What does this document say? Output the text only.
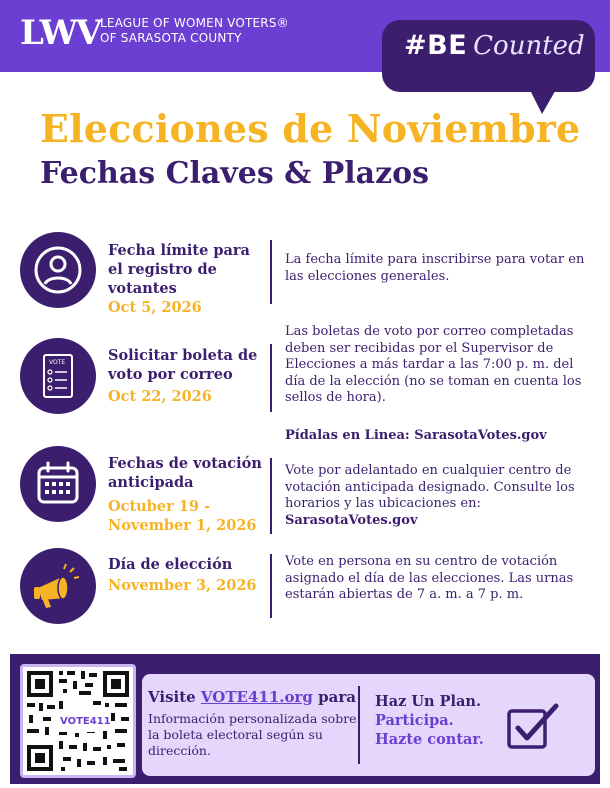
LWV LEAGUE OF WOMEN VOTERS®
OF SARASOTA COUNTY	#BE Counted
Elecciones de Noviembre
Fechas Claves & Plazos
Fecha límite para el registro de votantes
Oct 5, 2026
La fecha límite para inscribirse para votar en las elecciones generales.
VOTE	Solicitar boleta de voto por correo
Oct 22, 2026
Las boletas de voto por correo completadas deben ser recibidas por el Supervisor de Elecciones a más tardar a las 7:00 p. m. del día de la elección (no se toman en cuenta los sellos de hora).
Pídalas en Linea: SarasotaVotes.gov
Fechas de votación anticipada
Octuber 19 - November 1, 2026
Vote por adelantado en cualquier centro de votación anticipada designado. Consulte los horarios y las ubicaciones en:
SarasotaVotes.gov
Día de elección
November 3, 2026
Vote en persona en su centro de votación asignado el día de las elecciones. Las urnas estarán abiertas de 7 a. m. a 7 p. m.
VOTE411
Visite VOTE411.org para
Información personalizada sobre la boleta electoral según su dirección.
Haz Un Plan.
Participa.
Hazte contar.
